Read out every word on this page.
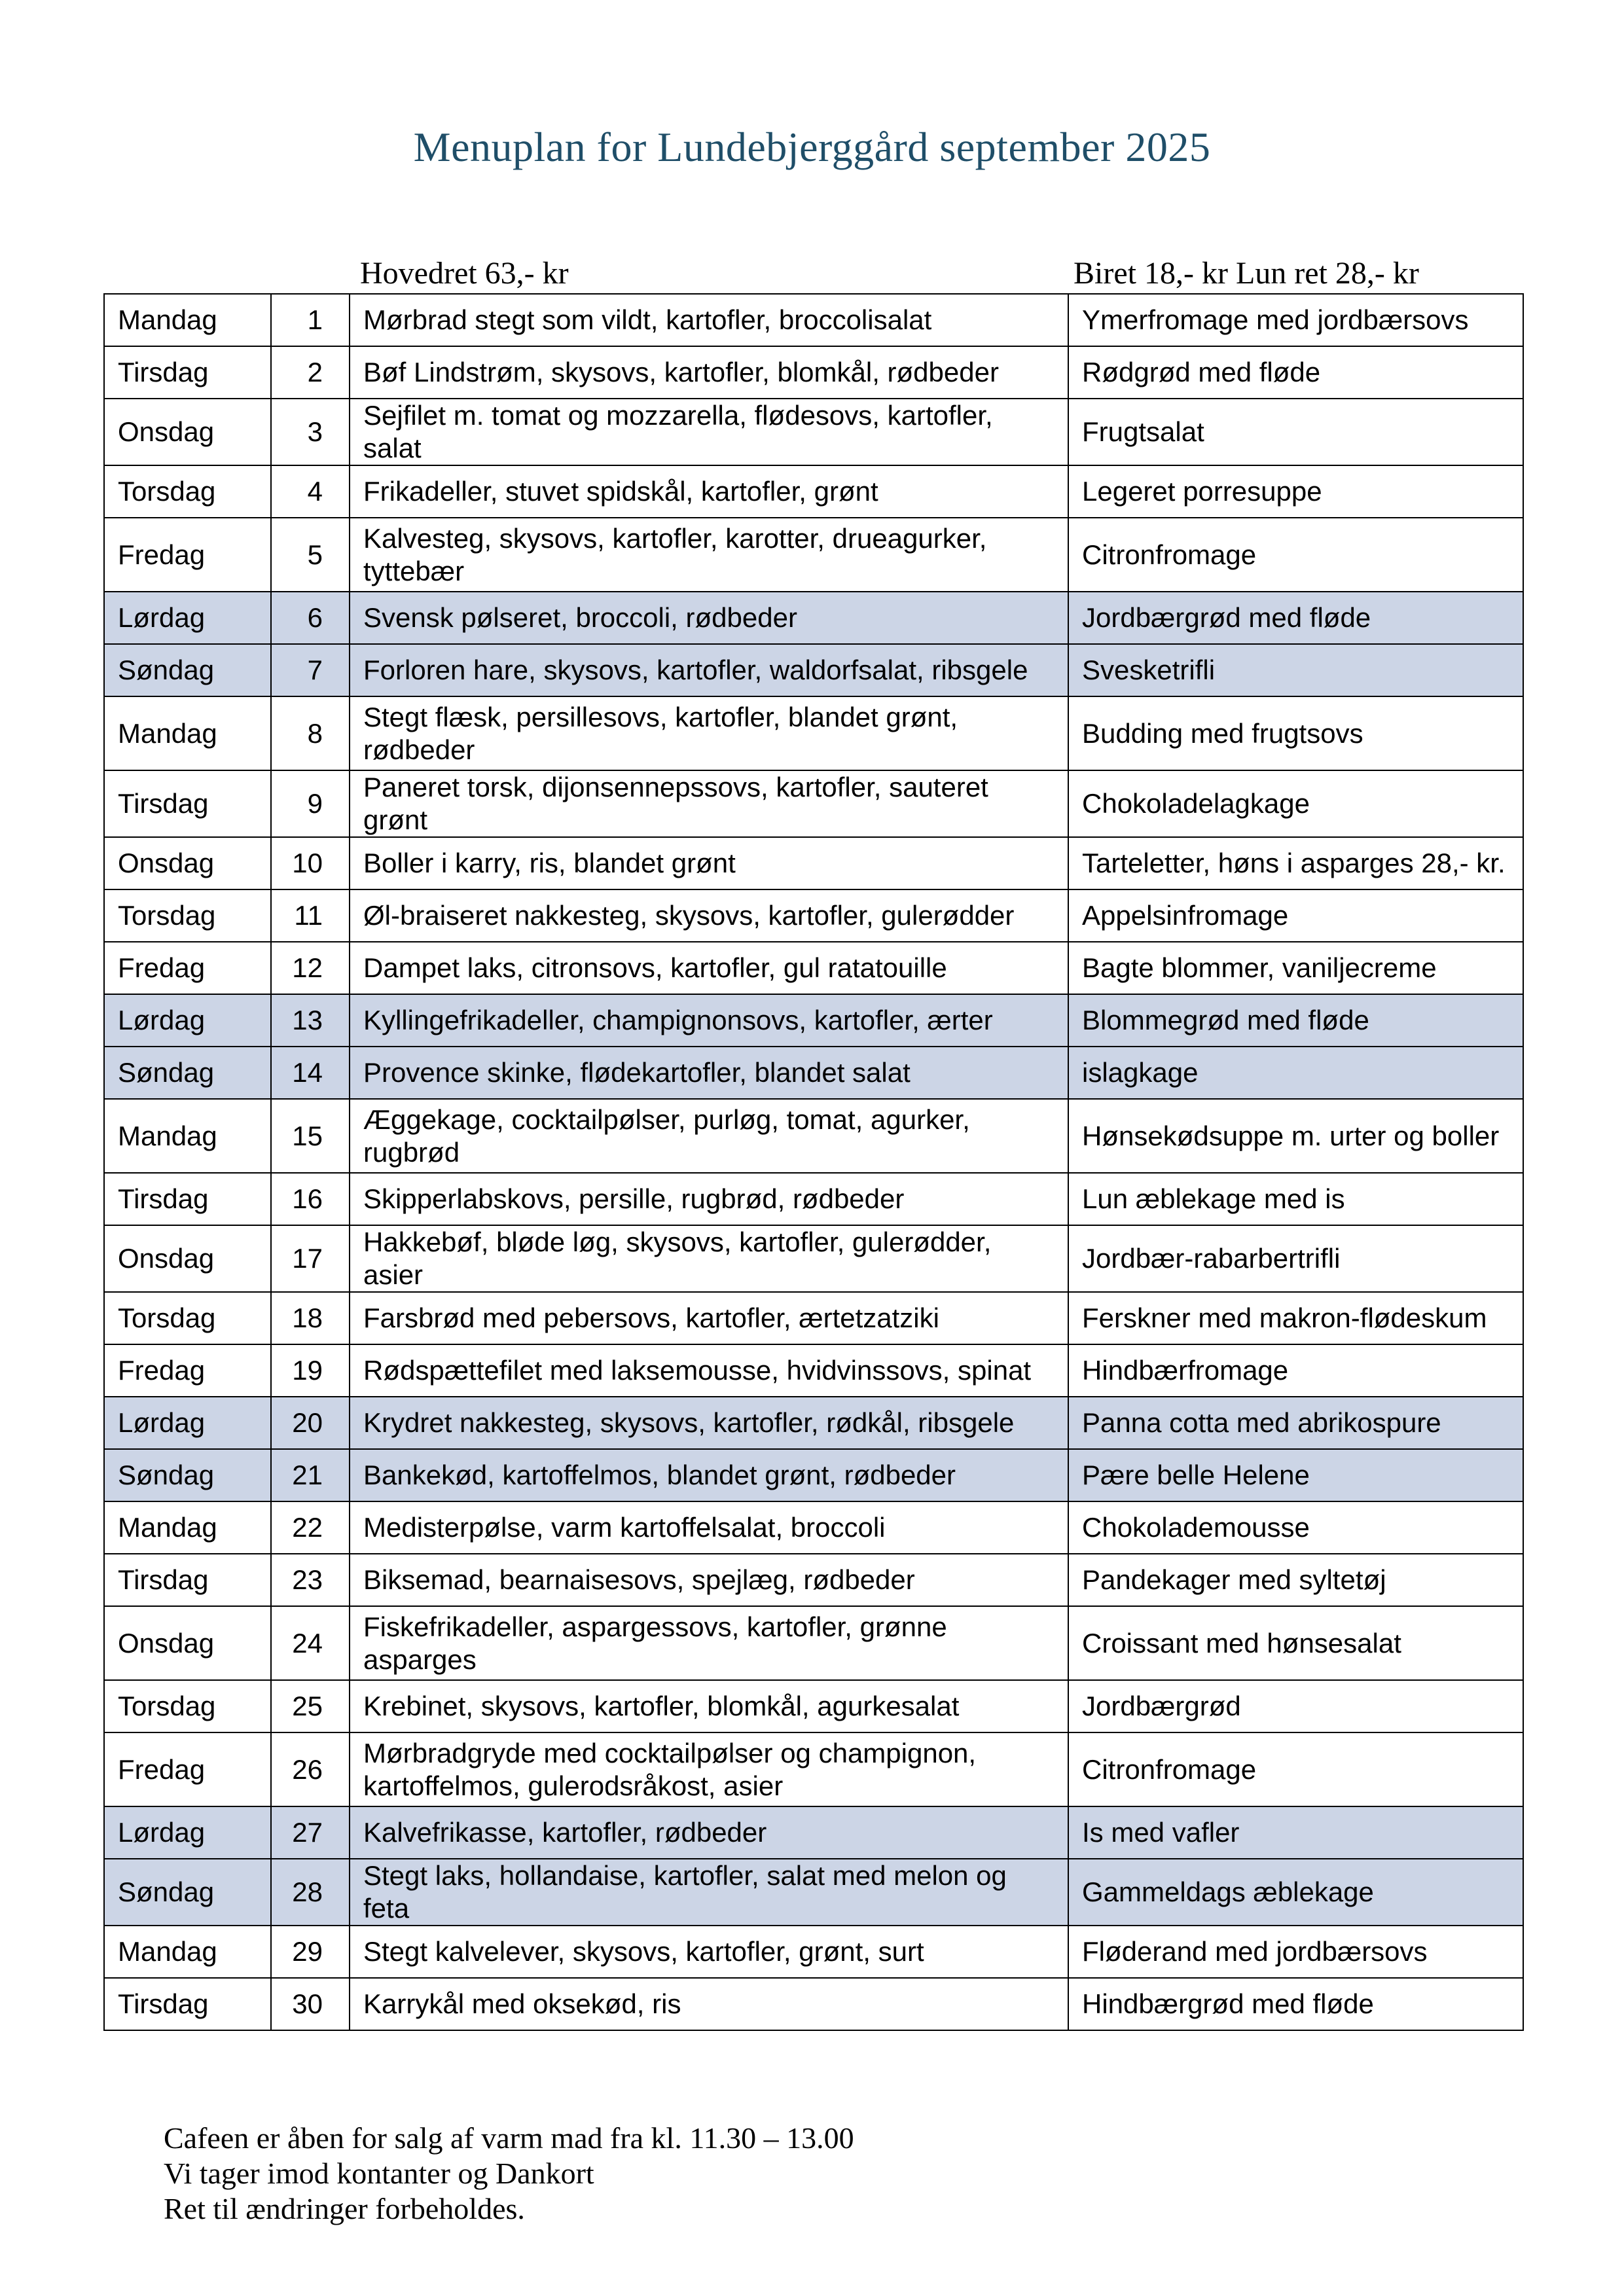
Menuplan for Lundebjerggård september 2025
Hovedret 63,- kr	Biret 18,- kr Lun ret 28,- kr
Mandag	1	Mørbrad stegt som vildt, kartofler, broccolisalat	Ymerfromage med jordbærsovs
Tirsdag	2	Bøf Lindstrøm, skysovs, kartofler, blomkål, rødbeder	Rødgrød med fløde
Onsdag	3	Sejfilet m. tomat og mozzarella, flødesovs, kartofler, salat	Frugtsalat
Torsdag	4	Frikadeller, stuvet spidskål, kartofler, grønt	Legeret porresuppe
Fredag	5	Kalvesteg, skysovs, kartofler, karotter, drueagurker, tyttebær	Citronfromage
Lørdag	6	Svensk pølseret, broccoli, rødbeder	Jordbærgrød med fløde
Søndag	7	Forloren hare, skysovs, kartofler, waldorfsalat, ribsgele	Svesketrifli
Mandag	8	Stegt flæsk, persillesovs, kartofler, blandet grønt, rødbeder	Budding med frugtsovs
Tirsdag	9	Paneret torsk, dijonsennepssovs, kartofler, sauteret grønt	Chokoladelagkage
Onsdag	10	Boller i karry, ris, blandet grønt	Tarteletter, høns i asparges 28,- kr.
Torsdag	11	Øl-braiseret nakkesteg, skysovs, kartofler, gulerødder	Appelsinfromage
Fredag	12	Dampet laks, citronsovs, kartofler, gul ratatouille	Bagte blommer, vaniljecreme
Lørdag	13	Kyllingefrikadeller, champignonsovs, kartofler, ærter	Blommegrød med fløde
Søndag	14	Provence skinke, flødekartofler, blandet salat	islagkage
Mandag	15	Æggekage, cocktailpølser, purløg, tomat, agurker, rugbrød	Hønsekødsuppe m. urter og boller
Tirsdag	16	Skipperlabskovs, persille, rugbrød, rødbeder	Lun æblekage med is
Onsdag	17	Hakkebøf, bløde løg, skysovs, kartofler, gulerødder, asier	Jordbær-rabarbertrifli
Torsdag	18	Farsbrød med pebersovs, kartofler, ærtetzatziki	Ferskner med makron-flødeskum
Fredag	19	Rødspættefilet med laksemousse, hvidvinssovs, spinat	Hindbærfromage
Lørdag	20	Krydret nakkesteg, skysovs, kartofler, rødkål, ribsgele	Panna cotta med abrikospure
Søndag	21	Bankekød, kartoffelmos, blandet grønt, rødbeder	Pære belle Helene
Mandag	22	Medisterpølse, varm kartoffelsalat, broccoli	Chokolademousse
Tirsdag	23	Biksemad, bearnaisesovs, spejlæg, rødbeder	Pandekager med syltetøj
Onsdag	24	Fiskefrikadeller, aspargessovs, kartofler, grønne asparges	Croissant med hønsesalat
Torsdag	25	Krebinet, skysovs, kartofler, blomkål, agurkesalat	Jordbærgrød
Fredag	26	Mørbradgryde med cocktailpølser og champignon, kartoffelmos, gulerodsråkost, asier	Citronfromage
Lørdag	27	Kalvefrikasse, kartofler, rødbeder	Is med vafler
Søndag	28	Stegt laks, hollandaise, kartofler, salat med melon og feta	Gammeldags æblekage
Mandag	29	Stegt kalvelever, skysovs, kartofler, grønt, surt	Fløderand med jordbærsovs
Tirsdag	30	Karrykål med oksekød, ris	Hindbærgrød med fløde
Cafeen er åben for salg af varm mad fra kl. 11.30 – 13.00
Vi tager imod kontanter og Dankort
Ret til ændringer forbeholdes.
